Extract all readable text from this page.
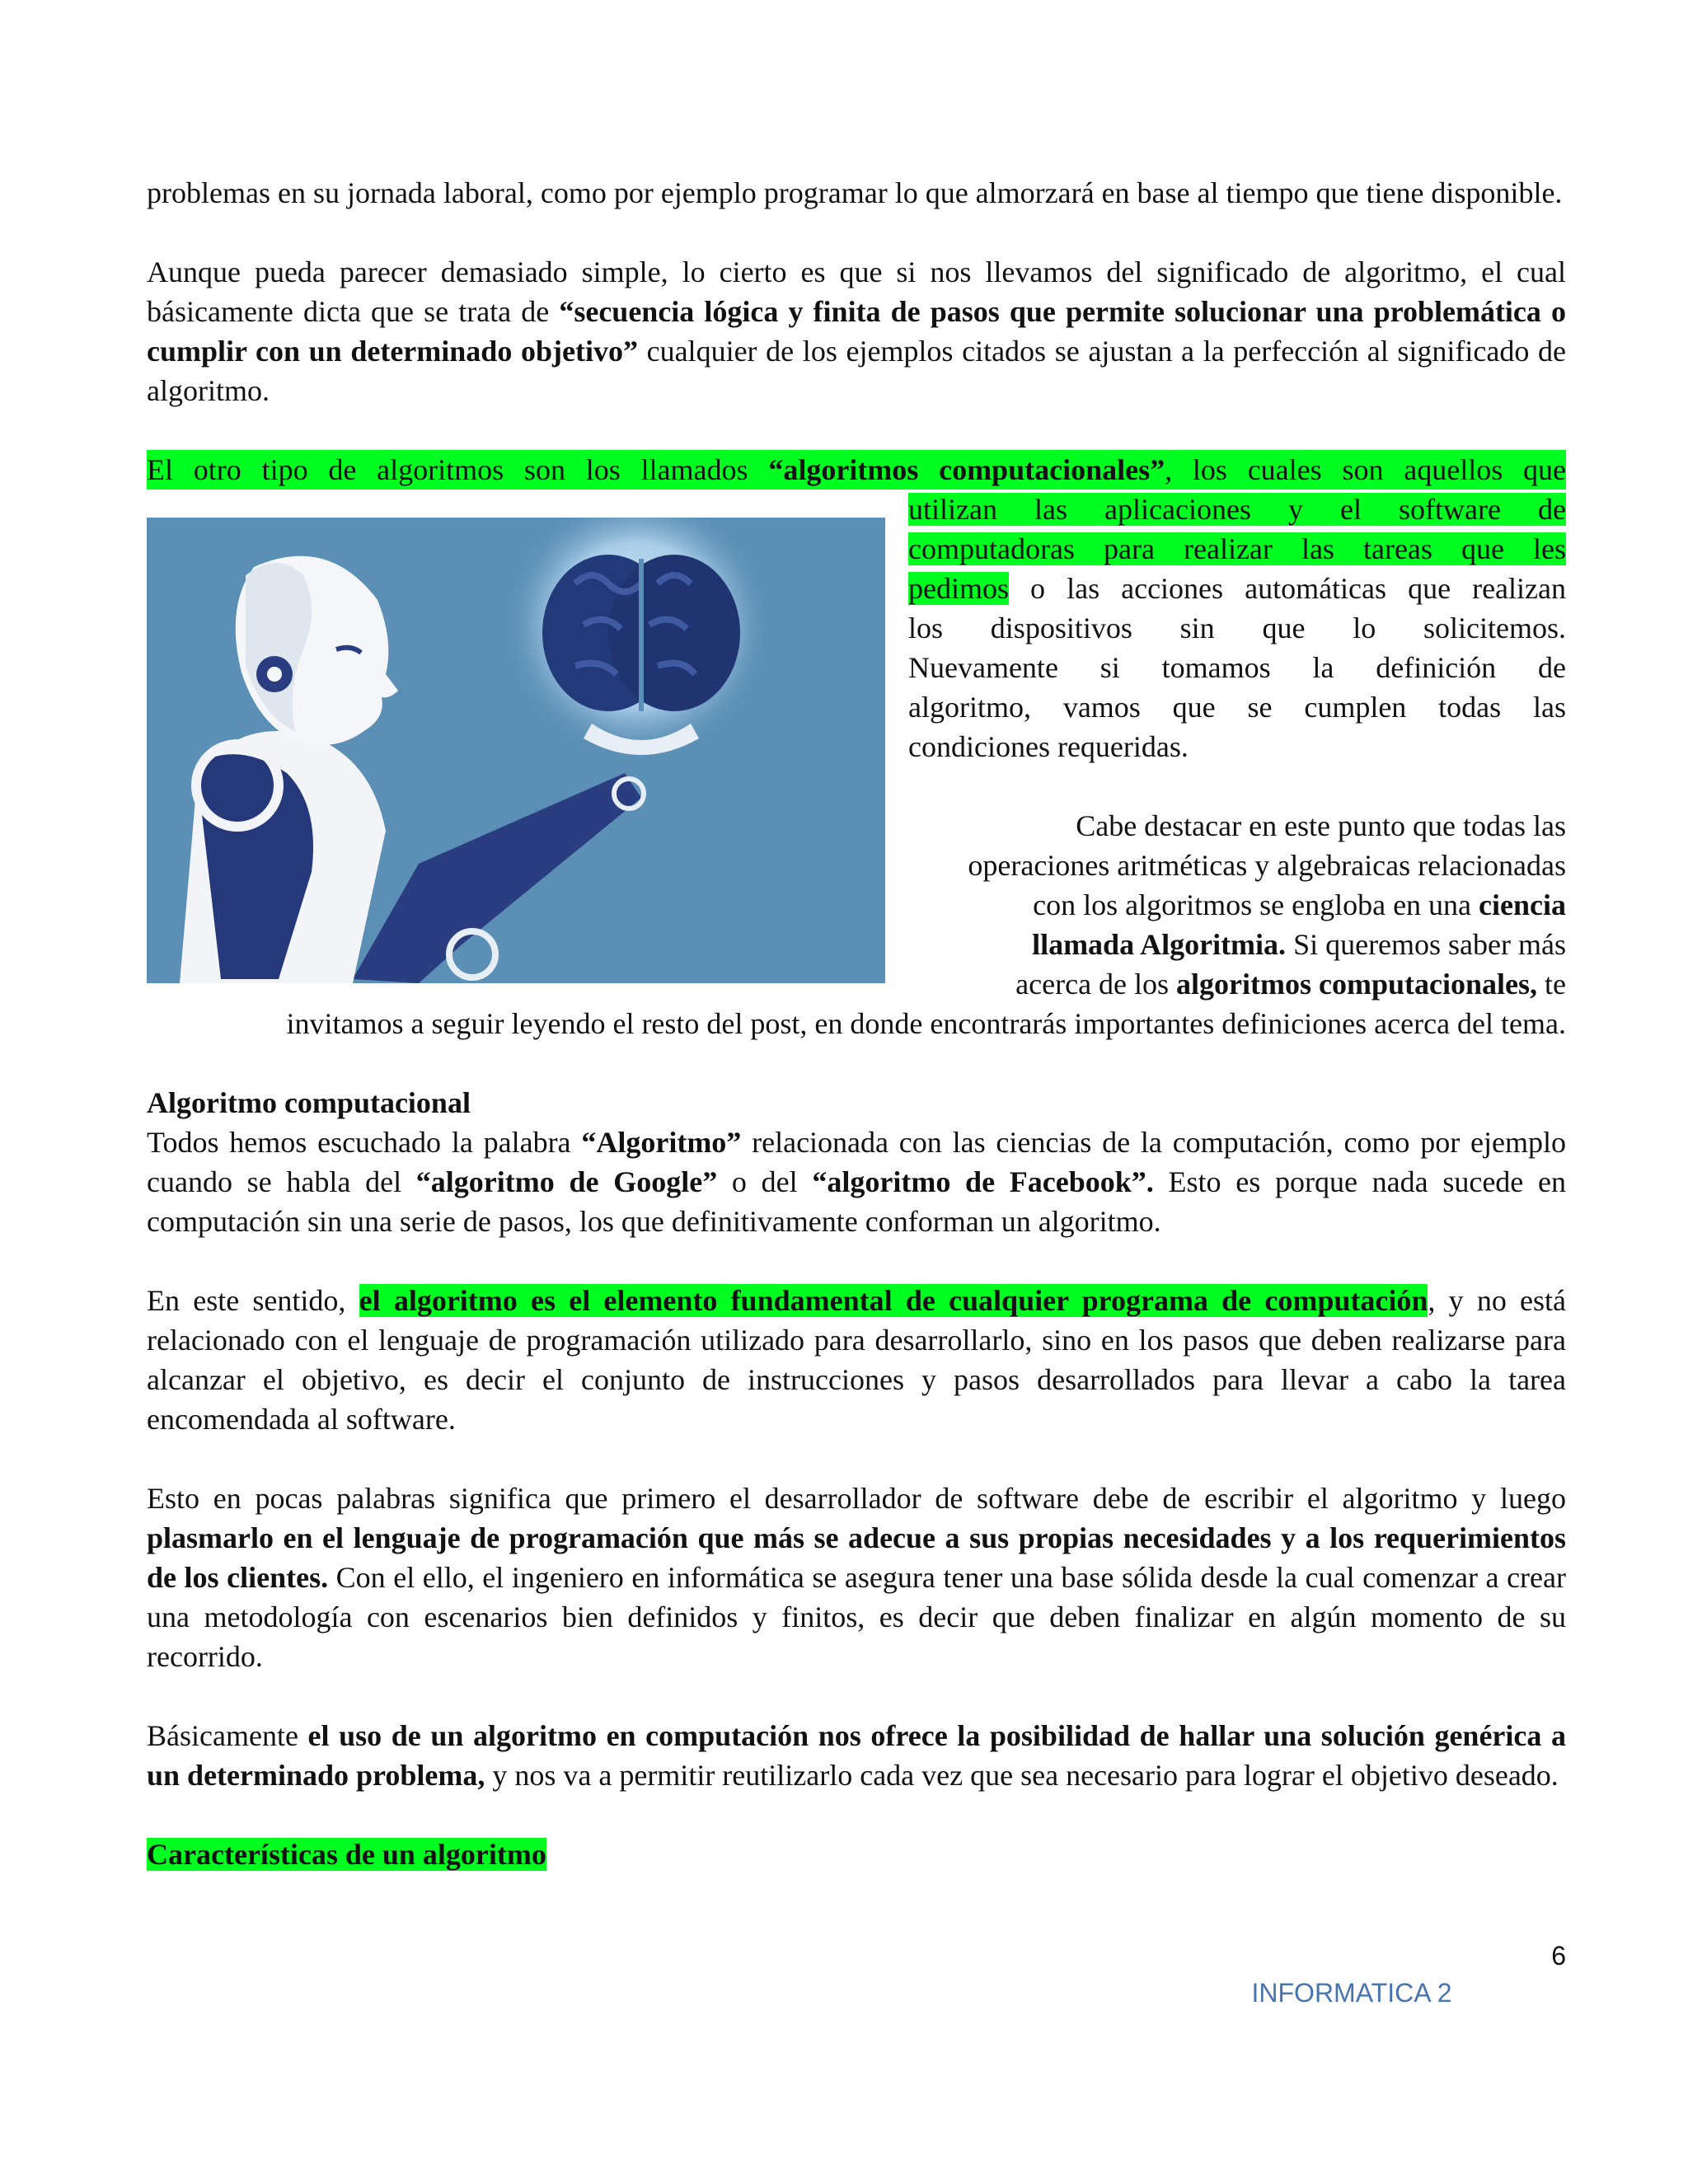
problemas en su jornada laboral, como por ejemplo programar lo que almorzará en base al tiempo que tiene disponible.

Aunque pueda parecer demasiado simple, lo cierto es que si nos llevamos del significado de algoritmo, el cual básicamente dicta que se trata de “secuencia lógica y finita de pasos que permite solucionar una problemática o cumplir con un determinado objetivo” cualquier de los ejemplos citados se ajustan a la perfección al significado de algoritmo.

El otro tipo de algoritmos son los llamados “algoritmos computacionales”, los cuales son aquellos que
utilizan las aplicaciones y el software de
computadoras para realizar las tareas que les
pedimos o las acciones automáticas que realizan
los dispositivos sin que lo solicitemos.
Nuevamente si tomamos la definición de
algoritmo, vamos que se cumplen todas las
condiciones requeridas.
Cabe destacar en este punto que todas las
operaciones aritméticas y algebraicas relacionadas
con los algoritmos se engloba en una ciencia
llamada Algoritmia. Si queremos saber más
acerca de los algoritmos computacionales, te
invitamos a seguir leyendo el resto del post, en donde encontrarás importantes definiciones acerca del tema.

Algoritmo computacional

Todos hemos escuchado la palabra “Algoritmo” relacionada con las ciencias de la computación, como por ejemplo cuando se habla del “algoritmo de Google” o del “algoritmo de Facebook”. Esto es porque nada sucede en computación sin una serie de pasos, los que definitivamente conforman un algoritmo.

En este sentido, el algoritmo es el elemento fundamental de cualquier programa de computación, y no está relacionado con el lenguaje de programación utilizado para desarrollarlo, sino en los pasos que deben realizarse para alcanzar el objetivo, es decir el conjunto de instrucciones y pasos desarrollados para llevar a cabo la tarea encomendada al software.

Esto en pocas palabras significa que primero el desarrollador de software debe de escribir el algoritmo y luego plasmarlo en el lenguaje de programación que más se adecue a sus propias necesidades y a los requerimientos de los clientes. Con el ello, el ingeniero en informática se asegura tener una base sólida desde la cual comenzar a crear una metodología con escenarios bien definidos y finitos, es decir que deben finalizar en algún momento de su recorrido.

Básicamente el uso de un algoritmo en computación nos ofrece la posibilidad de hallar una solución genérica a un determinado problema, y nos va a permitir reutilizarlo cada vez que sea necesario para lograr el objetivo deseado.

Características de un algoritmo

6
INFORMATICA 2
